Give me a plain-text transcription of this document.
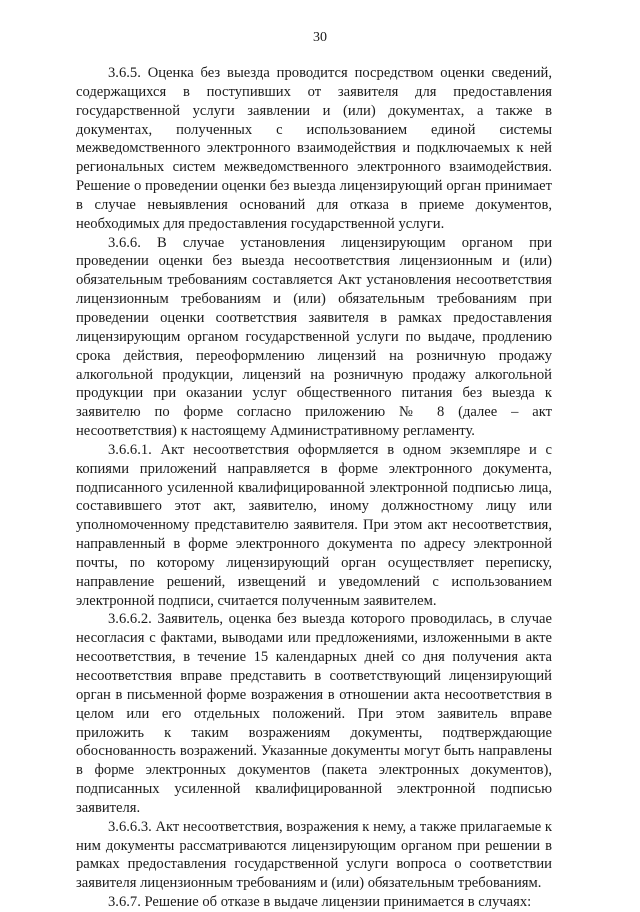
30

3.6.5. Оценка без выезда проводится посредством оценки сведений, содержащихся в поступивших от заявителя для предоставления государственной услуги заявлении и (или) документах, а также в документах, полученных с использованием единой системы межведомственного электронного взаимодействия и подключаемых к ней региональных систем межведомственного электронного взаимодействия. Решение о проведении оценки без выезда лицензирующий орган принимает в случае невыявления оснований для отказа в приеме документов, необходимых для предоставления государственной услуги.

3.6.6. В случае установления лицензирующим органом при проведении оценки без выезда несоответствия лицензионным и (или) обязательным требованиям составляется Акт установления несоответствия лицензионным требованиям и (или) обязательным требованиям при проведении оценки соответствия заявителя в рамках предоставления лицензирующим органом государственной услуги по выдаче, продлению срока действия, переоформлению лицензий на розничную продажу алкогольной продукции, лицензий на розничную продажу алкогольной продукции при оказании услуг общественного питания без выезда к заявителю по форме согласно приложению № 8 (далее – акт несоответствия) к настоящему Административному регламенту.

3.6.6.1. Акт несоответствия оформляется в одном экземпляре и с копиями приложений направляется в форме электронного документа, подписанного усиленной квалифицированной электронной подписью лица, составившего этот акт, заявителю, иному должностному лицу или уполномоченному представителю заявителя. При этом акт несоответствия, направленный в форме электронного документа по адресу электронной почты, по которому лицензирующий орган осуществляет переписку, направление решений, извещений и уведомлений с использованием электронной подписи, считается полученным заявителем.

3.6.6.2. Заявитель, оценка без выезда которого проводилась, в случае несогласия с фактами, выводами или предложениями, изложенными в акте несоответствия, в течение 15 календарных дней со дня получения акта несоответствия вправе представить в соответствующий лицензирующий орган в письменной форме возражения в отношении акта несоответствия в целом или его отдельных положений. При этом заявитель вправе приложить к таким возражениям документы, подтверждающие обоснованность возражений. Указанные документы могут быть направлены в форме электронных документов (пакета электронных документов), подписанных усиленной квалифицированной электронной подписью заявителя.

3.6.6.3. Акт несоответствия, возражения к нему, а также прилагаемые к ним документы рассматриваются лицензирующим органом при решении в рамках предоставления государственной услуги вопроса о соответствии заявителя лицензионным требованиям и (или) обязательным требованиям.

3.6.7. Решение об отказе в выдаче лицензии принимается в случаях:
